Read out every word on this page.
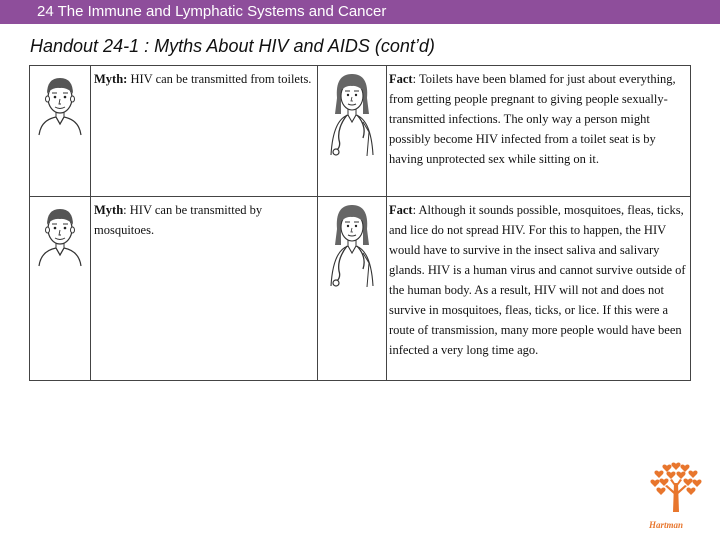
24 The Immune and Lymphatic Systems and Cancer
Handout 24-1 : Myths About HIV and AIDS (cont’d)
	Myth: HIV can be transmitted from toilets.		Fact: Toilets have been blamed for just about everything, from getting people pregnant to giving people sexually-transmitted infections. The only way a person might possibly become HIV infected from a toilet seat is by having unprotected sex while sitting on it.

	Myth: HIV can be transmitted by mosquitoes.		Fact: Although it sounds possible, mosquitoes, fleas, ticks, and lice do not spread HIV. For this to happen, the HIV would have to survive in the insect saliva and salivary glands. HIV is a human virus and cannot survive outside of the human body. As a result, HIV will not and does not survive in mosquitoes, fleas, ticks, or lice. If this were a route of transmission, many more people would have been infected a very long time ago.
Hartman
